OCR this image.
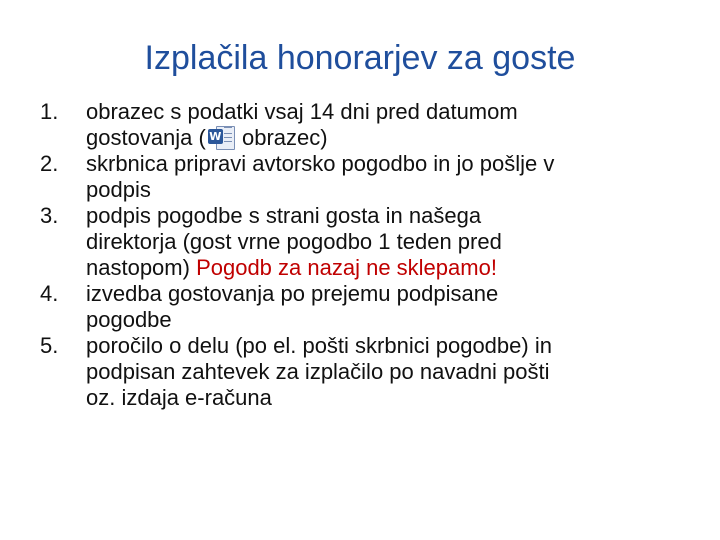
Izplačila honorarjev za goste
1. obrazec s podatki vsaj 14 dni pred datumom
gostovanja ( W obrazec)
2. skrbnica pripravi avtorsko pogodbo in jo pošlje v
podpis
3. podpis pogodbe s strani gosta in našega
direktorja (gost vrne pogodbo 1 teden pred
nastopom) Pogodb za nazaj ne sklepamo!
4. izvedba gostovanja po prejemu podpisane
pogodbe
5. poročilo o delu (po el. pošti skrbnici pogodbe) in
podpisan zahtevek za izplačilo po navadni pošti
oz. izdaja e-računa
